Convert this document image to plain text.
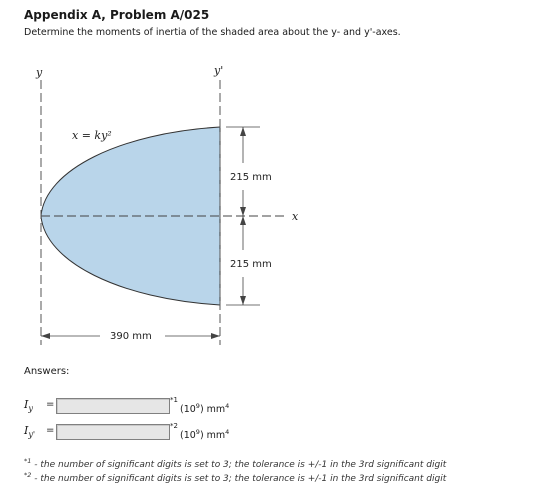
Appendix A, Problem A/025
Determine the moments of inertia of the shaded area about the y- and y'-axes.
y	y'
x
x = ky²
215 mm
215 mm
390 mm
Answers:
$I_y$ =	*1
$(10^9)$ $mm^4$
$I_{y'}$ =	*2
$(10^9)$ $mm^4$
$^{*1}$ - the number of significant digits is set to 3; the tolerance is +/-1 in the 3rd significant digit
$^{*2}$ - the number of significant digits is set to 3; the tolerance is +/-1 in the 3rd significant digit
